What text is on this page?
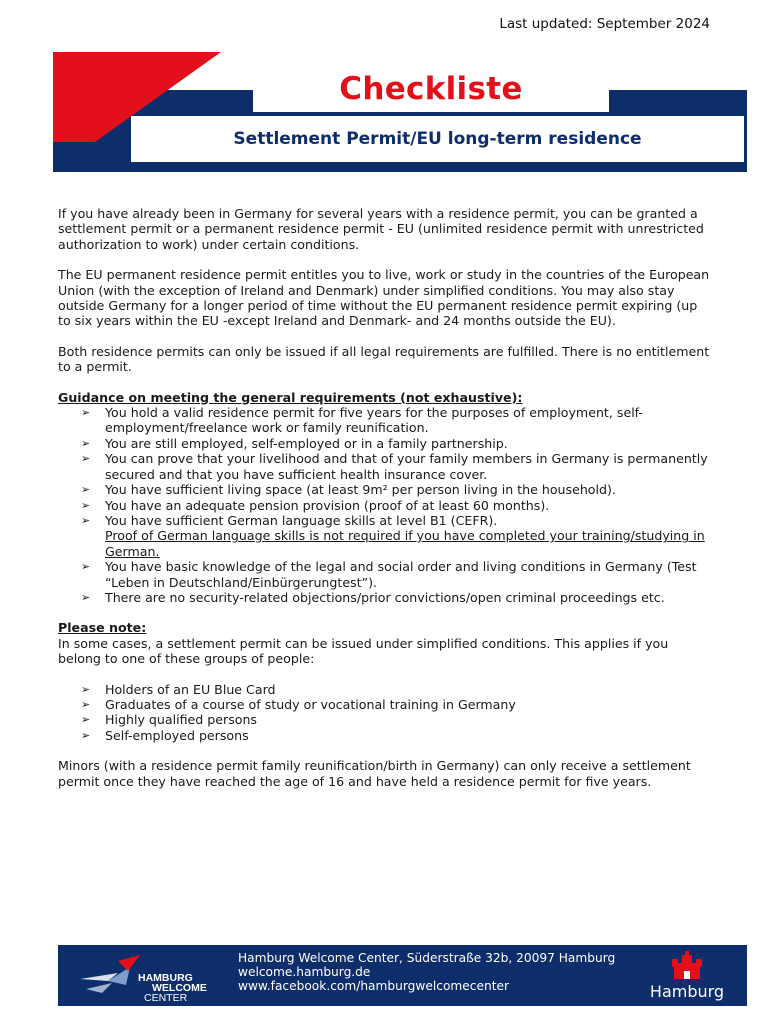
Last updated: September 2024
Checkliste
Settlement Permit/EU long-term residence

If you have already been in Germany for several years with a residence permit, you can be granted a settlement permit or a permanent residence permit - EU (unlimited residence permit with unrestricted authorization to work) under certain conditions.

The EU permanent residence permit entitles you to live, work or study in the countries of the European Union (with the exception of Ireland and Denmark) under simplified conditions. You may also stay outside Germany for a longer period of time without the EU permanent residence permit expiring (up to six years within the EU -except Ireland and Denmark- and 24 months outside the EU).

Both residence permits can only be issued if all legal requirements are fulfilled. There is no entitlement to a permit.

Guidance on meeting the general requirements (not exhaustive):
➢ You hold a valid residence permit for five years for the purposes of employment, self-employment/freelance work or family reunification.
➢ You are still employed, self-employed or in a family partnership.
➢ You can prove that your livelihood and that of your family members in Germany is permanently secured and that you have sufficient health insurance cover.
➢ You have sufficient living space (at least 9m² per person living in the household).
➢ You have an adequate pension provision (proof of at least 60 months).
➢ You have sufficient German language skills at level B1 (CEFR).
Proof of German language skills is not required if you have completed your training/studying in German.
➢ You have basic knowledge of the legal and social order and living conditions in Germany (Test “Leben in Deutschland/Einbürgerungtest”).
➢ There are no security-related objections/prior convictions/open criminal proceedings etc.
Please note:
In some cases, a settlement permit can be issued under simplified conditions. This applies if you belong to one of these groups of people:
➢ Holders of an EU Blue Card
➢ Graduates of a course of study or vocational training in Germany
➢ Highly qualified persons
➢ Self-employed persons

Minors (with a residence permit family reunification/birth in Germany) can only receive a settlement permit once they have reached the age of 16 and have held a residence permit for five years.

HAMBURG
WELCOME
CENTER
Hamburg Welcome Center, Süderstraße 32b, 20097 Hamburg
welcome.hamburg.de
www.facebook.com/hamburgwelcomecenter	Hamburg
